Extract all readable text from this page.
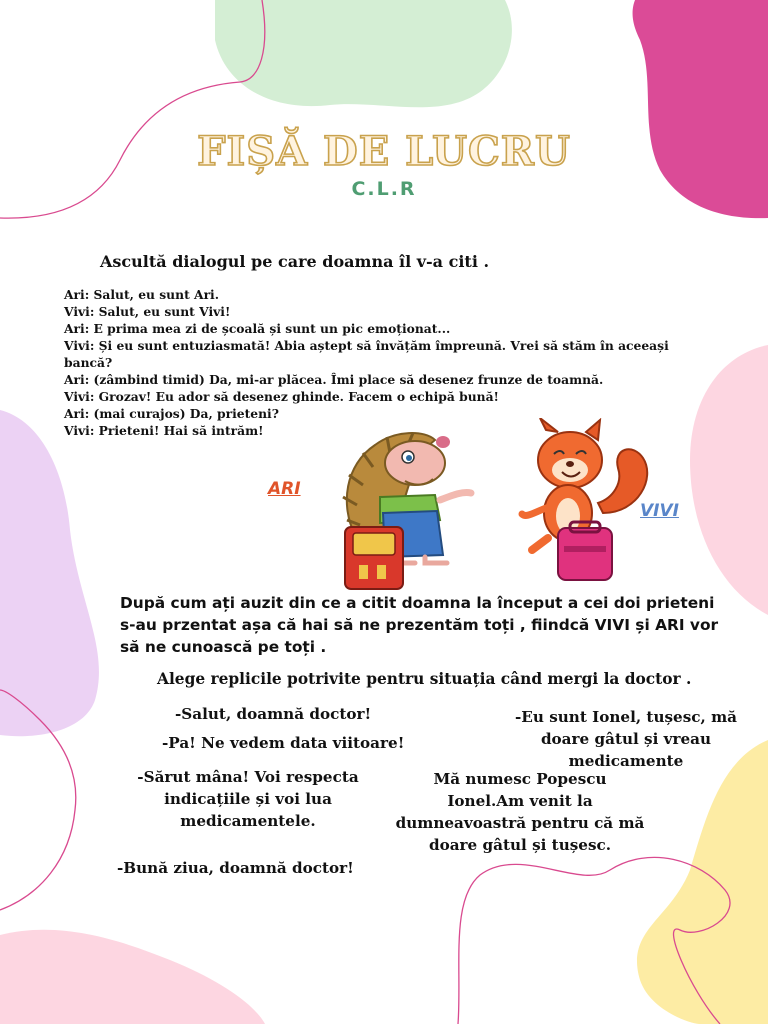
FIȘĂ DE LUCRU
C.L.R
Ascultă dialogul pe care doamna îl v-a citi .
Ari: Salut, eu sunt Ari.
Vivi: Salut, eu sunt Vivi!
Ari: E prima mea zi de școală și sunt un pic emoționat...
Vivi: Și eu sunt entuziasmată! Abia aștept să învățăm împreună. Vrei să stăm în aceeași bancă?
Ari: (zâmbind timid) Da, mi-ar plăcea. Îmi place să desenez frunze de toamnă.
Vivi: Grozav! Eu ador să desenez ghinde. Facem o echipă bună!
Ari: (mai curajos) Da, prieteni?
Vivi: Prieteni! Hai să intrăm!
ARI
VIVI
După cum ați auzit din ce a citit doamna la început a cei doi prieteni s-au przentat așa că hai să ne prezentăm toți , fiindcă VIVI și ARI vor să ne cunoască pe toți .
Alege replicile potrivite pentru situația când mergi la doctor .
-Salut, doamnă doctor!
-Pa! Ne vedem data viitoare!
-Sărut mâna! Voi respecta indicațiile și voi lua medicamentele.
-Bună ziua, doamnă doctor!
-Eu sunt Ionel, tușesc, mă doare gâtul și vreau medicamente
Mă numesc Popescu Ionel.Am venit la dumneavoastră pentru că mă doare gâtul și tușesc.
